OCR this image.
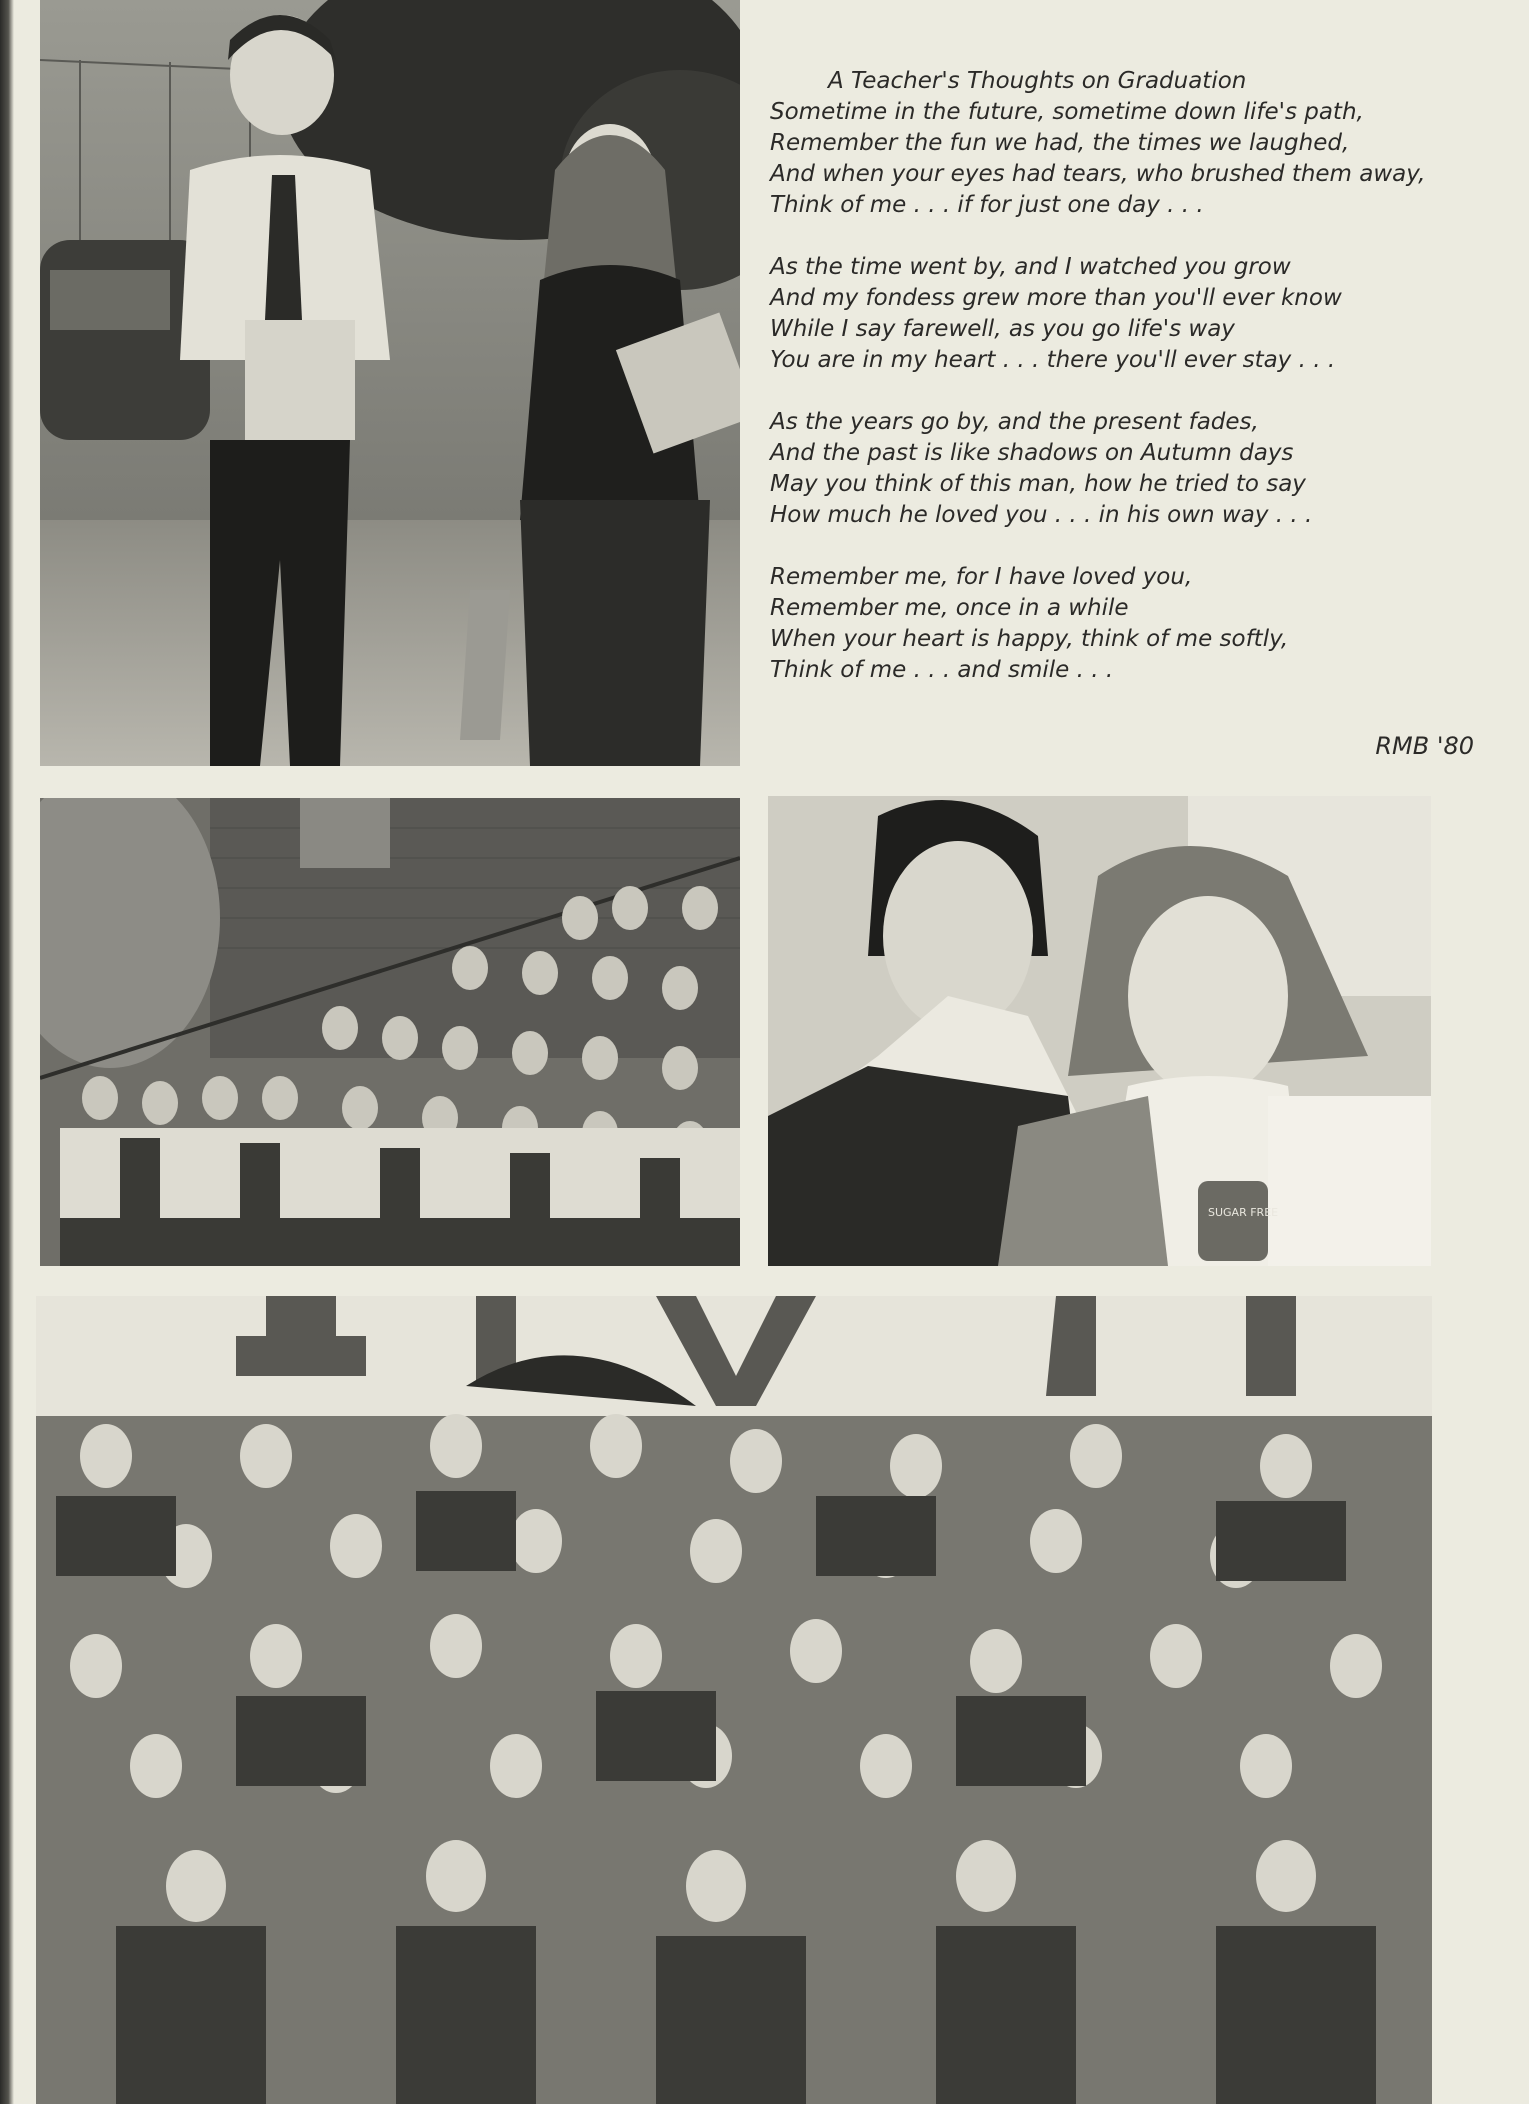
A Teacher's Thoughts on Graduation
Sometime in the future, sometime down life's path,
Remember the fun we had, the times we laughed,
And when your eyes had tears, who brushed them away,
Think of me . . . if for just one day . . .
As the time went by, and I watched you grow
And my fondess grew more than you'll ever know
While I say farewell, as you go life's way
You are in my heart . . . there you'll ever stay . . .
As the years go by, and the present fades,
And the past is like shadows on Autumn days
May you think of this man, how he tried to say
How much he loved you . . . in his own way . . .
Remember me, for I have loved you,
Remember me, once in a while
When your heart is happy, think of me softly,
Think of me . . . and smile . . .
RMB '80
SUGAR FREE
